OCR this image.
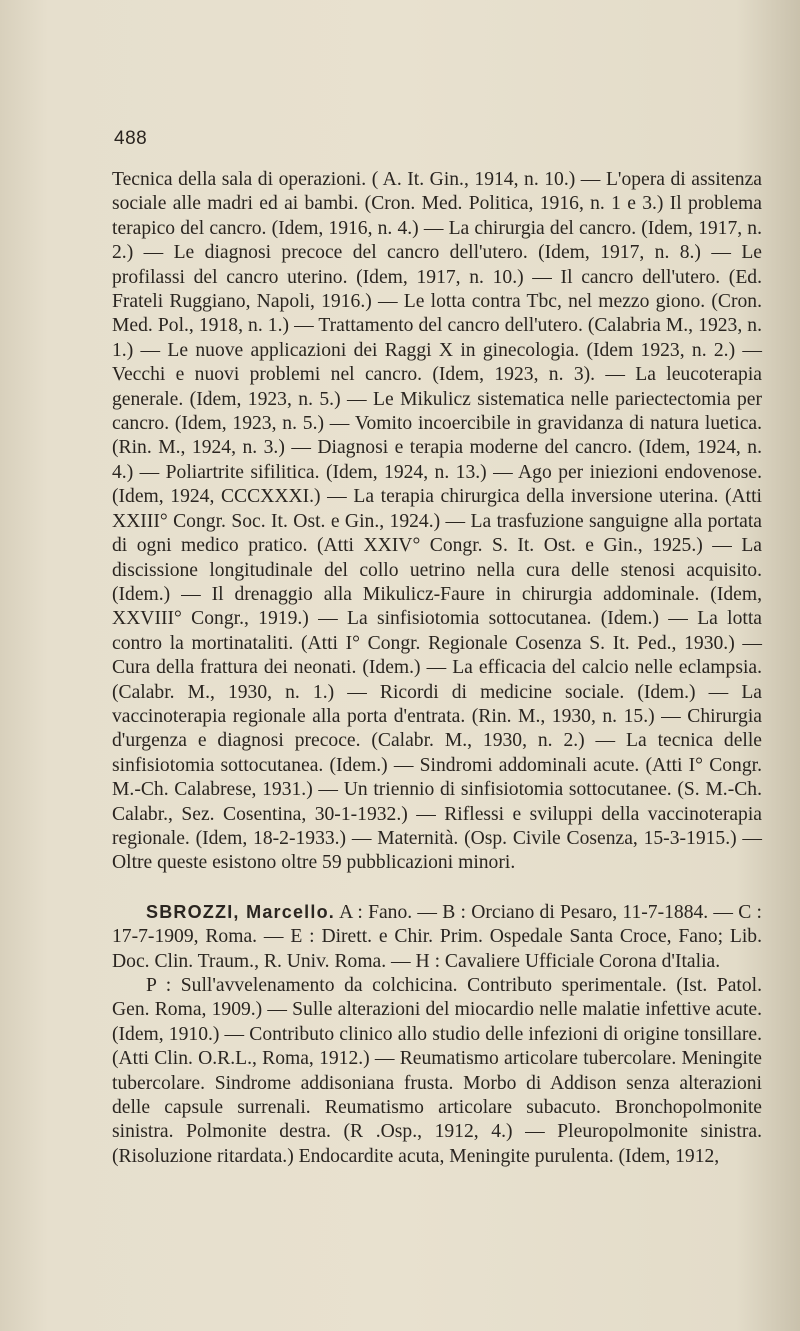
488

Tecnica della sala di operazioni. ( A. It. Gin., 1914, n. 10.) — L'opera di assitenza sociale alle madri ed ai bambi. (Cron. Med. Politica, 1916, n. 1 e 3.) Il problema terapico del cancro. (Idem, 1916, n. 4.) — La chirurgia del cancro. (Idem, 1917, n. 2.) — Le diagnosi precoce del cancro dell'utero. (Idem, 1917, n. 8.) — Le profilassi del cancro uterino. (Idem, 1917, n. 10.) — Il cancro dell'utero. (Ed. Frateli Ruggiano, Napoli, 1916.) — Le lotta contra Tbc, nel mezzo giono. (Cron. Med. Pol., 1918, n. 1.) — Trattamento del cancro dell'utero. (Calabria M., 1923, n. 1.) — Le nuove applicazioni dei Raggi X in ginecologia. (Idem 1923, n. 2.) — Vecchi e nuovi problemi nel cancro. (Idem, 1923, n. 3). — La leucoterapia generale. (Idem, 1923, n. 5.) — Le Mikulicz sistematica nelle pariectectomia per cancro. (Idem, 1923, n. 5.) — Vomito incoercibile in gravidanza di natura luetica. (Rin. M., 1924, n. 3.) — Diagnosi e terapia moderne del cancro. (Idem, 1924, n. 4.) — Poliartrite sifilitica. (Idem, 1924, n. 13.) — Ago per iniezioni endovenose. (Idem, 1924, CCCXXXI.) — La terapia chirurgica della inversione uterina. (Atti XXIII° Congr. Soc. It. Ost. e Gin., 1924.) — La trasfuzione sanguigne alla portata di ogni medico pratico. (Atti XXIV° Congr. S. It. Ost. e Gin., 1925.) — La discissione longitudinale del collo uetrino nella cura delle stenosi acquisito. (Idem.) — Il drenaggio alla Mikulicz-Faure in chirurgia addominale. (Idem, XXVIII° Congr., 1919.) — La sinfisiotomia sottocutanea. (Idem.) — La lotta contro la mortinataliti. (Atti I° Congr. Regionale Cosenza S. It. Ped., 1930.) — Cura della frattura dei neonati. (Idem.) — La efficacia del calcio nelle eclampsia. (Calabr. M., 1930, n. 1.) — Ricordi di medicine sociale. (Idem.) — La vaccinoterapia regionale alla porta d'entrata. (Rin. M., 1930, n. 15.) — Chirurgia d'urgenza e diagnosi precoce. (Calabr. M., 1930, n. 2.) — La tecnica delle sinfisiotomia sottocutanea. (Idem.) — Sindromi addominali acute. (Atti I° Congr. M.-Ch. Calabrese, 1931.) — Un triennio di sinfisiotomia sottocutanee. (S. M.-Ch. Calabr., Sez. Cosentina, 30-1-1932.) — Riflessi e sviluppi della vaccinoterapia regionale. (Idem, 18-2-1933.) — Maternità. (Osp. Civile Cosenza, 15-3-1915.) — Oltre queste esistono oltre 59 pubblicazioni minori.

SBROZZI, Marcello. A : Fano. — B : Orciano di Pesaro, 11-7-1884. — C : 17-7-1909, Roma. — E : Dirett. e Chir. Prim. Ospedale Santa Croce, Fano; Lib. Doc. Clin. Traum., R. Univ. Roma. — H : Cavaliere Ufficiale Corona d'Italia.

P : Sull'avvelenamento da colchicina. Contributo sperimentale. (Ist. Patol. Gen. Roma, 1909.) — Sulle alterazioni del miocardio nelle malatie infettive acute. (Idem, 1910.) — Contributo clinico allo studio delle infezioni di origine tonsillare. (Atti Clin. O.R.L., Roma, 1912.) — Reumatismo articolare tubercolare. Meningite tubercolare. Sindrome addisoniana frusta. Morbo di Addison senza alterazioni delle capsule surrenali. Reumatismo articolare subacuto. Bronchopolmonite sinistra. Polmonite destra. (R .Osp., 1912, 4.) — Pleuropolmonite sinistra. (Risoluzione ritardata.) Endocardite acuta, Meningite purulenta. (Idem, 1912,
